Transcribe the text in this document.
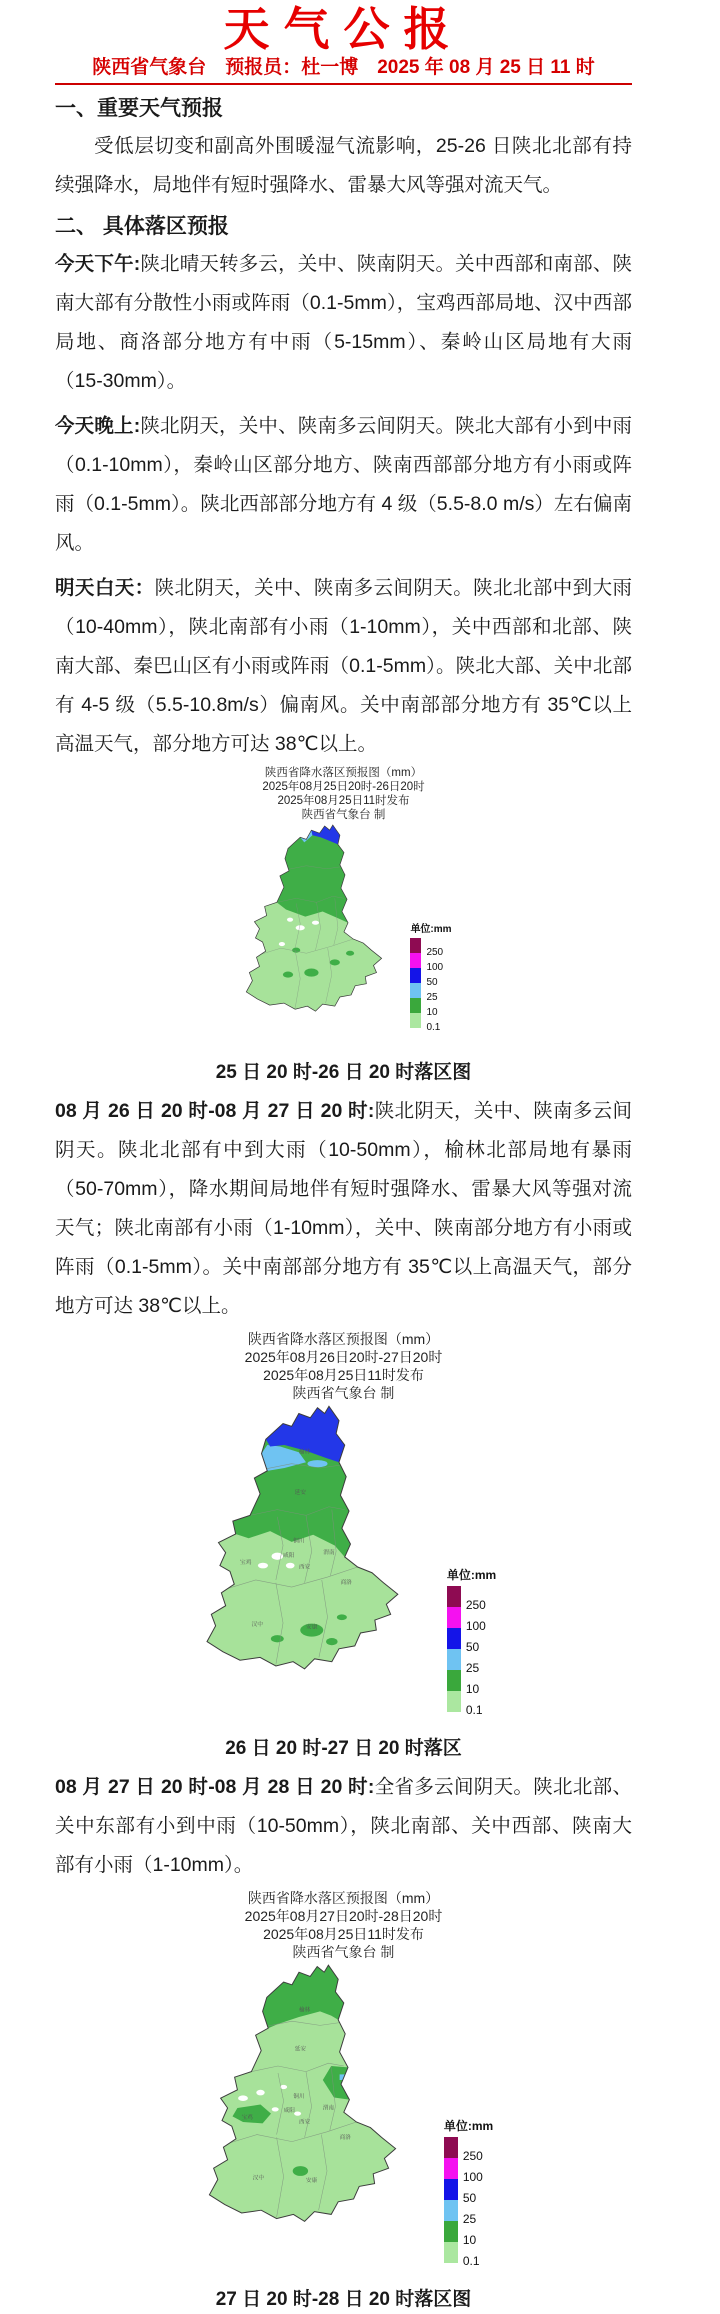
天气公报
陕西省气象台　预报员：杜一博　2025 年 08 月 25 日 11 时
一、重要天气预报

受低层切变和副高外围暖湿气流影响，25-26 日陕北北部有持续强降水，局地伴有短时强降水、雷暴大风等强对流天气。

二、 具体落区预报

今天下午:陕北晴天转多云，关中、陕南阴天。关中西部和南部、陕南大部有分散性小雨或阵雨（0.1-5mm），宝鸡西部局地、汉中西部局地、商洛部分地方有中雨（5-15mm）、秦岭山区局地有大雨（15-30mm）。

今天晚上:陕北阴天，关中、陕南多云间阴天。陕北大部有小到中雨（0.1-10mm），秦岭山区部分地方、陕南西部部分地方有小雨或阵雨（0.1-5mm）。陕北西部部分地方有 4 级（5.5-8.0 m/s）左右偏南风。

明天白天：陕北阴天，关中、陕南多云间阴天。陕北北部中到大雨（10-40mm），陕北南部有小雨（1-10mm），关中西部和北部、陕南大部、秦巴山区有小雨或阵雨（0.1-5mm）。陕北大部、关中北部有 4-5 级（5.5-10.8m/s）偏南风。关中南部部分地方有 35℃以上高温天气，部分地方可达 38℃以上。

陕西省降水落区预报图（mm）
2025年08月25日20时-26日20时
2025年08月25日11时发布
陕西省气象台 制
单位:mm
250
100
50
25
10
0.1
25 日 20 时-26 日 20 时落区图

08 月 26 日 20 时-08 月 27 日 20 时:陕北阴天，关中、陕南多云间阴天。陕北北部有中到大雨（10-50mm），榆林北部局地有暴雨（50-70mm），降水期间局地伴有短时强降水、雷暴大风等强对流天气；陕北南部有小雨（1-10mm），关中、陕南部分地方有小雨或阵雨（0.1-5mm）。关中南部部分地方有 35℃以上高温天气，部分地方可达 38℃以上。

陕西省降水落区预报图（mm）
2025年08月26日20时-27日20时
2025年08月25日11时发布
陕西省气象台 制
榆林
延安
铜川
咸阳	渭南
宝鸡
西安
商洛
汉中	安康
单位:mm
250
100
50
25
10
0.1
26 日 20 时-27 日 20 时落区

08 月 27 日 20 时-08 月 28 日 20 时:全省多云间阴天。陕北北部、关中东部有小到中雨（10-50mm），陕北南部、关中西部、陕南大部有小雨（1-10mm）。

陕西省降水落区预报图（mm）
2025年08月27日20时-28日20时
2025年08月25日11时发布
陕西省气象台 制
榆林
延安
铜川
咸阳	渭南
宝鸡
西安
商洛
汉中	安康
单位:mm
250
100
50
25
10
0.1
27 日 20 时-28 日 20 时落区图
